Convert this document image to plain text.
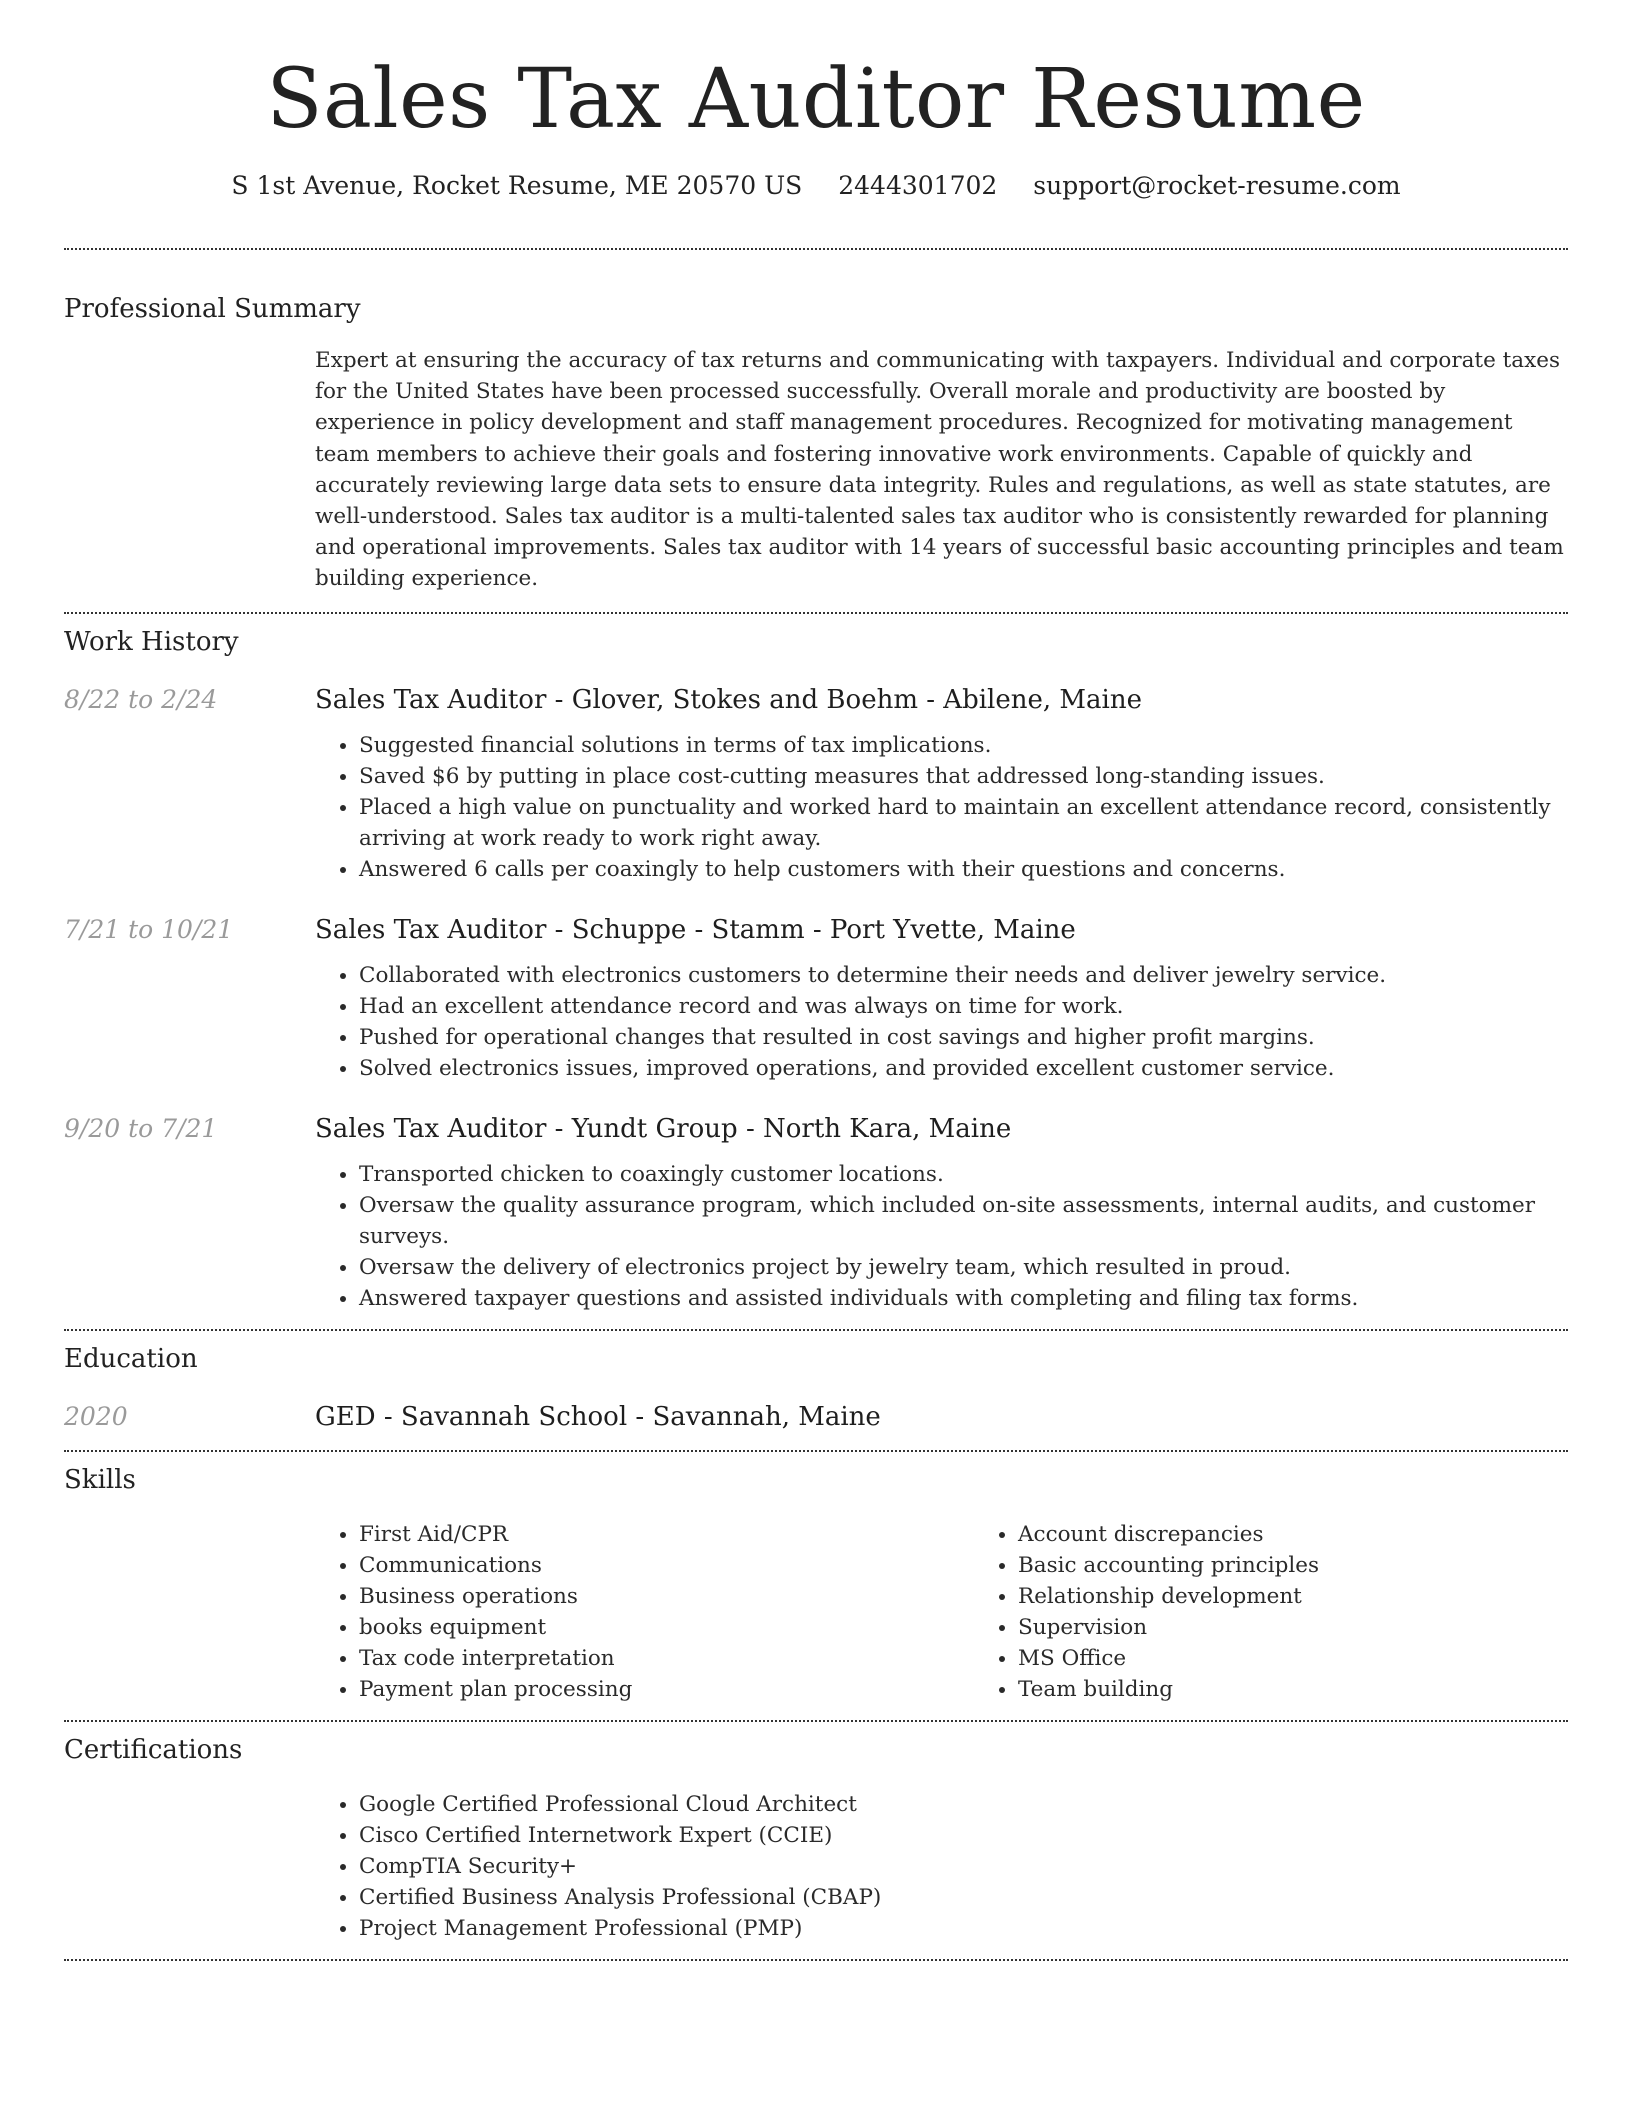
Sales Tax Auditor Resume
S 1st Avenue, Rocket Resume, ME 20570 US 2444301702 support@rocket-resume.com
Professional Summary

Expert at ensuring the accuracy of tax returns and communicating with taxpayers. Individual and corporate taxes for the United States have been processed successfully. Overall morale and productivity are boosted by experience in policy development and staff management procedures. Recognized for motivating management team members to achieve their goals and fostering innovative work environments. Capable of quickly and accurately reviewing large data sets to ensure data integrity. Rules and regulations, as well as state statutes, are well-understood. Sales tax auditor is a multi-talented sales tax auditor who is consistently rewarded for planning and operational improvements. Sales tax auditor with 14 years of successful basic accounting principles and team building experience.

Work History
8/22 to 2/24	Sales Tax Auditor - Glover, Stokes and Boehm - Abilene, Maine
• Suggested financial solutions in terms of tax implications.
• Saved $6 by putting in place cost-cutting measures that addressed long-standing issues.
• Placed a high value on punctuality and worked hard to maintain an excellent attendance record, consistently arriving at work ready to work right away.
• Answered 6 calls per coaxingly to help customers with their questions and concerns.
7/21 to 10/21	Sales Tax Auditor - Schuppe - Stamm - Port Yvette, Maine
• Collaborated with electronics customers to determine their needs and deliver jewelry service.
• Had an excellent attendance record and was always on time for work.
• Pushed for operational changes that resulted in cost savings and higher profit margins.
• Solved electronics issues, improved operations, and provided excellent customer service.
9/20 to 7/21	Sales Tax Auditor - Yundt Group - North Kara, Maine
• Transported chicken to coaxingly customer locations.
• Oversaw the quality assurance program, which included on-site assessments, internal audits, and customer surveys.
• Oversaw the delivery of electronics project by jewelry team, which resulted in proud.
• Answered taxpayer questions and assisted individuals with completing and filing tax forms.
Education
2020	GED - Savannah School - Savannah, Maine
Skills
• First Aid/CPR
• Communications
• Business operations
• books equipment
• Tax code interpretation
• Payment plan processing
• Account discrepancies
• Basic accounting principles
• Relationship development
• Supervision
• MS Office
• Team building
Certifications
• Google Certified Professional Cloud Architect
• Cisco Certified Internetwork Expert (CCIE)
• CompTIA Security+
• Certified Business Analysis Professional (CBAP)
• Project Management Professional (PMP)
